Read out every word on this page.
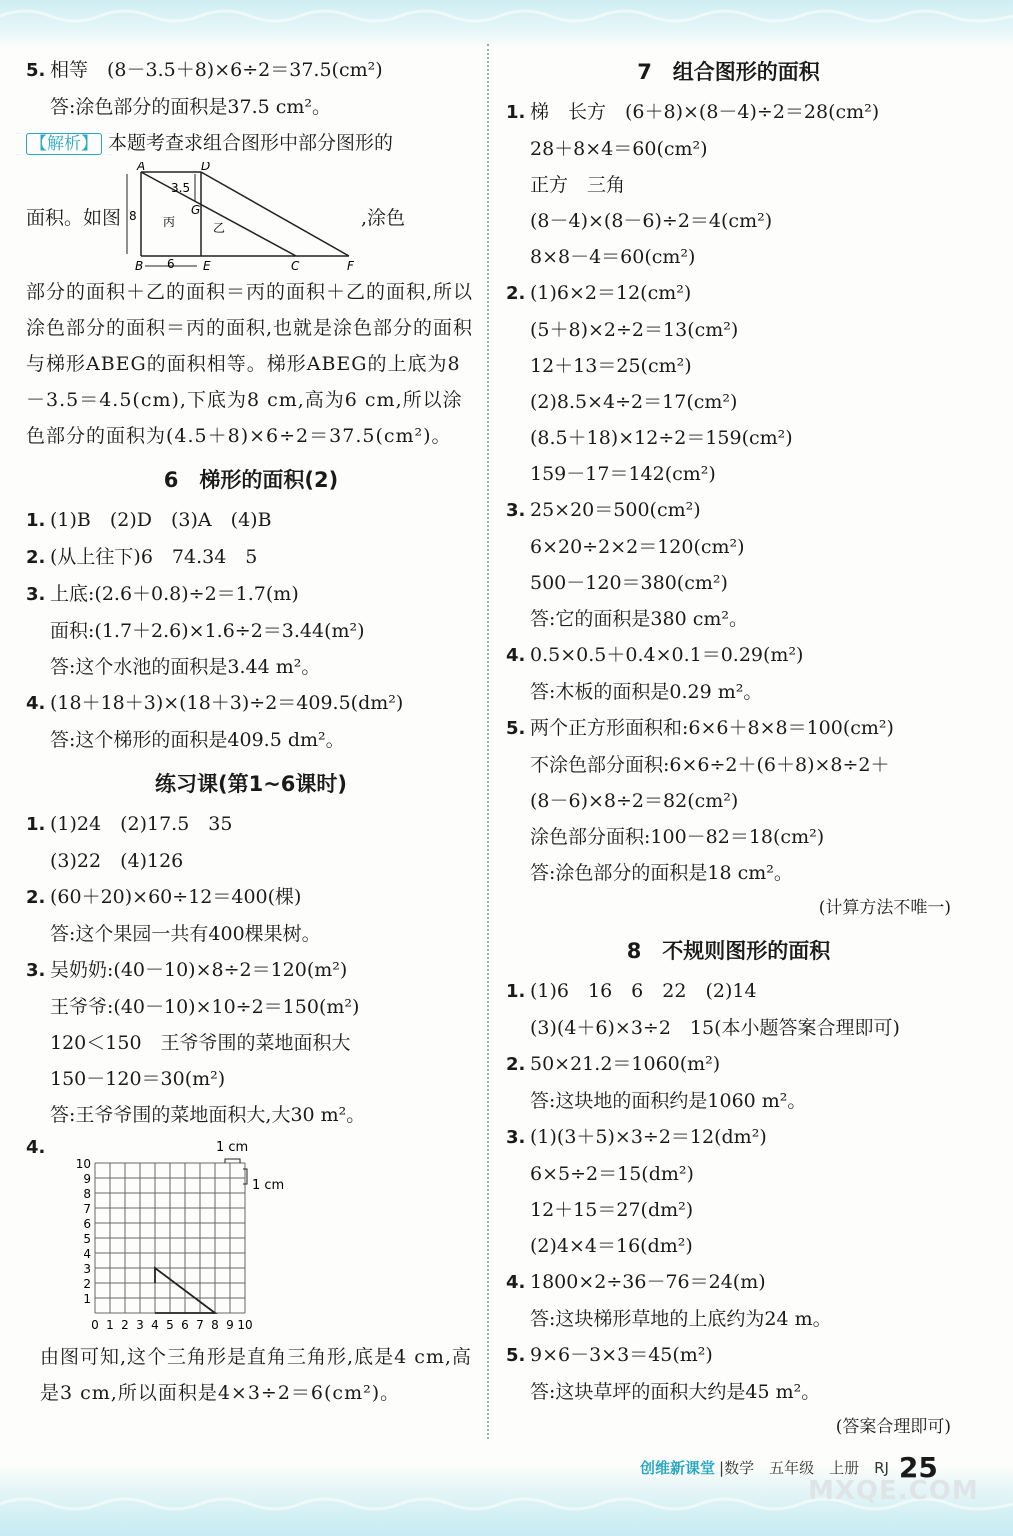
5. 相等　(8－3.5＋8)×6÷2＝37.5(cm²)
答:涂色部分的面积是37.5 cm²。
【解析】 本题考查求组合图形中部分图形的
面积。如图
A	D
G
B	E	C	F
3.5
8
6
丙	乙	,涂色
部分的面积＋乙的面积＝丙的面积＋乙的面积,所以涂色部分的面积＝丙的面积,也就是涂色部分的面积与梯形ABEG的面积相等。梯形ABEG的上底为8－3.5＝4.5(cm),下底为8 cm,高为6 cm,所以涂色部分的面积为(4.5＋8)×6÷2＝37.5(cm²)。
6　梯形的面积(2)
1. (1)B　(2)D　(3)A　(4)B
2. (从上往下)6　74.34　5
3. 上底:(2.6＋0.8)÷2＝1.7(m)
面积:(1.7＋2.6)×1.6÷2＝3.44(m²)
答:这个水池的面积是3.44 m²。
4. (18＋18＋3)×(18＋3)÷2＝409.5(dm²)
答:这个梯形的面积是409.5 dm²。
练习课(第1~6课时)
1. (1)24　(2)17.5　35
(3)22　(4)126
2. (60＋20)×60÷12＝400(棵)
答:这个果园一共有400棵果树。
3. 吴奶奶:(40－10)×8÷2＝120(m²)
王爷爷:(40－10)×10÷2＝150(m²)
120＜150　王爷爷围的菜地面积大
150－120＝30(m²)
答:王爷爷围的菜地面积大,大30 m²。
4.	1 cm
1 cm
10
9
8
7
6
5
4
3
2
1
0 1 2 3 4 5 6 7 8 9 10
由图可知,这个三角形是直角三角形,底是4 cm,高是3 cm,所以面积是4×3÷2＝6(cm²)。
7　组合图形的面积
1. 梯　长方　(6＋8)×(8－4)÷2＝28(cm²)
28＋8×4＝60(cm²)
正方　三角
(8－4)×(8－6)÷2＝4(cm²)
8×8－4＝60(cm²)
2. (1)6×2＝12(cm²)
(5＋8)×2÷2＝13(cm²)
12＋13＝25(cm²)
(2)8.5×4÷2＝17(cm²)
(8.5＋18)×12÷2＝159(cm²)
159－17＝142(cm²)
3. 25×20＝500(cm²)
6×20÷2×2＝120(cm²)
500－120＝380(cm²)
答:它的面积是380 cm²。
4. 0.5×0.5＋0.4×0.1＝0.29(m²)
答:木板的面积是0.29 m²。
5. 两个正方形面积和:6×6＋8×8＝100(cm²)
不涂色部分面积:6×6÷2＋(6＋8)×8÷2＋
(8－6)×8÷2＝82(cm²)
涂色部分面积:100－82＝18(cm²)
答:涂色部分的面积是18 cm²。
(计算方法不唯一)
8　不规则图形的面积
1. (1)6　16　6　22　(2)14
(3)(4＋6)×3÷2　15(本小题答案合理即可)
2. 50×21.2＝1060(m²)
答:这块地的面积约是1060 m²。
3. (1)(3＋5)×3÷2＝12(dm²)
6×5÷2＝15(dm²)
12＋15＝27(dm²)
(2)4×4＝16(dm²)
4. 1800×2÷36－76＝24(m)
答:这块梯形草地的上底约为24 m。
5. 9×6－3×3＝45(m²)
答:这块草坪的面积大约是45 m²。
(答案合理即可)
创维新课堂 |数学　五年级　上册　RJ 25
MXQE.COM
